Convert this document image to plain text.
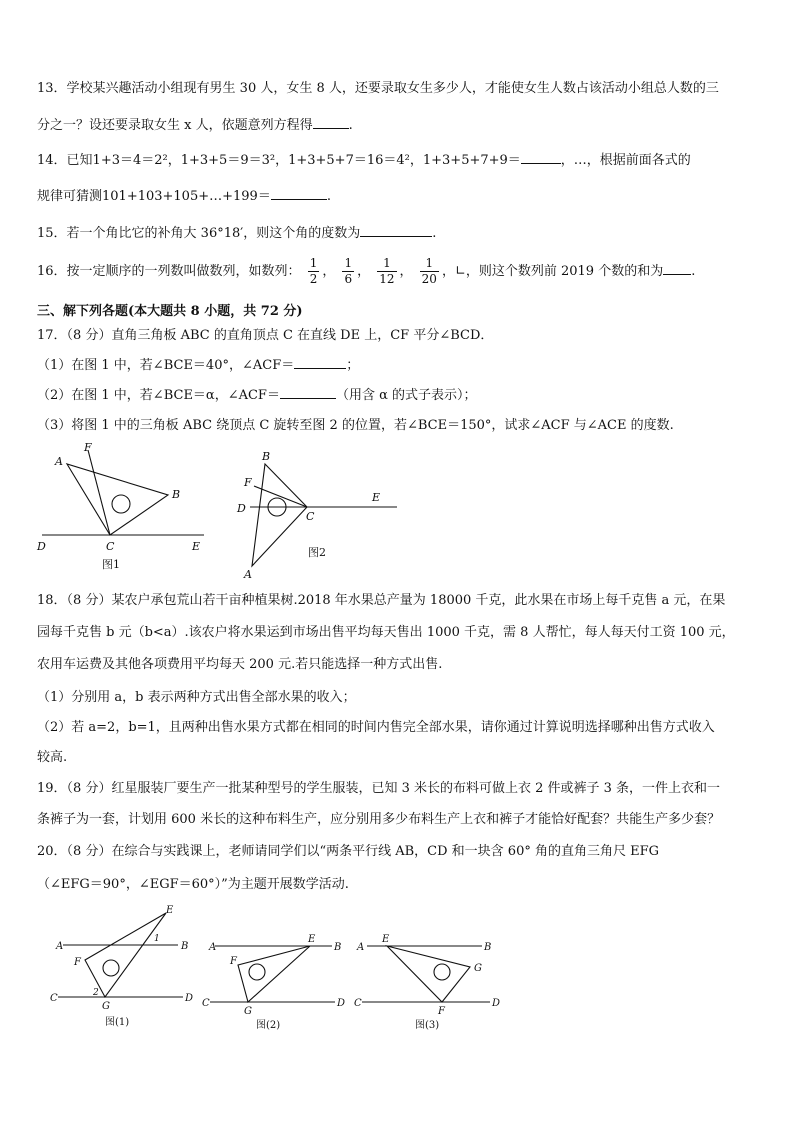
13．学校某兴趣活动小组现有男生 30 人，女生 8 人，还要录取女生多少人，才能使女生人数占该活动小组总人数的三
分之一？设还要录取女生 x 人，依题意列方程得	.
14．已知1+3＝4＝2²，1+3+5＝9＝3²，1+3+5+7＝16＝4²，1+3+5+7+9＝	，…，根据前面各式的
规律可猜测101+103+105+…+199＝	.
15．若一个角比它的补角大 36°18′，则这个角的度数为	.
16．按一定顺序的一列数叫做数列，如数列： $\frac{1}{2}$ ， $\frac{1}{6}$ ， $\frac{1}{12}$ ， $\frac{1}{20}$ ，∟，则这个数列前 2019 个数的和为 .
三、解下列各题(本大题共 8 小题，共 72 分)
17．（8 分）直角三角板 ABC 的直角顶点 C 在直线 DE 上，CF 平分∠BCD．
（1）在图 1 中，若∠BCE＝40°，∠ACF＝	；
（2）在图 1 中，若∠BCE＝α，∠ACF＝	（用含 α 的式子表示）；
（3）将图 1 中的三角板 ABC 绕顶点 C 旋转至图 2 的位置，若∠BCE＝150°，试求∠ACF 与∠ACE 的度数.
A
F
B
D	C	E
图1
B
F
D
C
E
A
图2
18．（8 分）某农户承包荒山若干亩种植果树.2018 年水果总产量为 18000 千克，此水果在市场上每千克售 a 元，在果
园每千克售 b 元（b<a）.该农户将水果运到市场出售平均每天售出 1000 千克，需 8 人帮忙，每人每天付工资 100 元，
农用车运费及其他各项费用平均每天 200 元.若只能选择一种方式出售.
（1）分别用 a，b 表示两种方式出售全部水果的收入；
（2）若 a=2，b=1，且两种出售水果方式都在相同的时间内售完全部水果，请你通过计算说明选择哪种出售方式收入
较高.
19．（8 分）红星服装厂要生产一批某种型号的学生服装，已知 3 米长的布料可做上衣 2 件或裤子 3 条，一件上衣和一
条裤子为一套，计划用 600 米长的这种布料生产，应分别用多少布料生产上衣和裤子才能恰好配套？共能生产多少套？
20．（8 分）在综合与实践课上，老师请同学们以“两条平行线 AB，CD 和一块含 60° 角的直角三角尺 EFG
（∠EFG＝90°，∠EGF＝60°）”为主题开展数学活动.
E
A	B
F
C	D
G
1
2
图(1)
A
E
B
F
C	D
G
图(2)
A
E
B
G
C	D
F
图(3)
